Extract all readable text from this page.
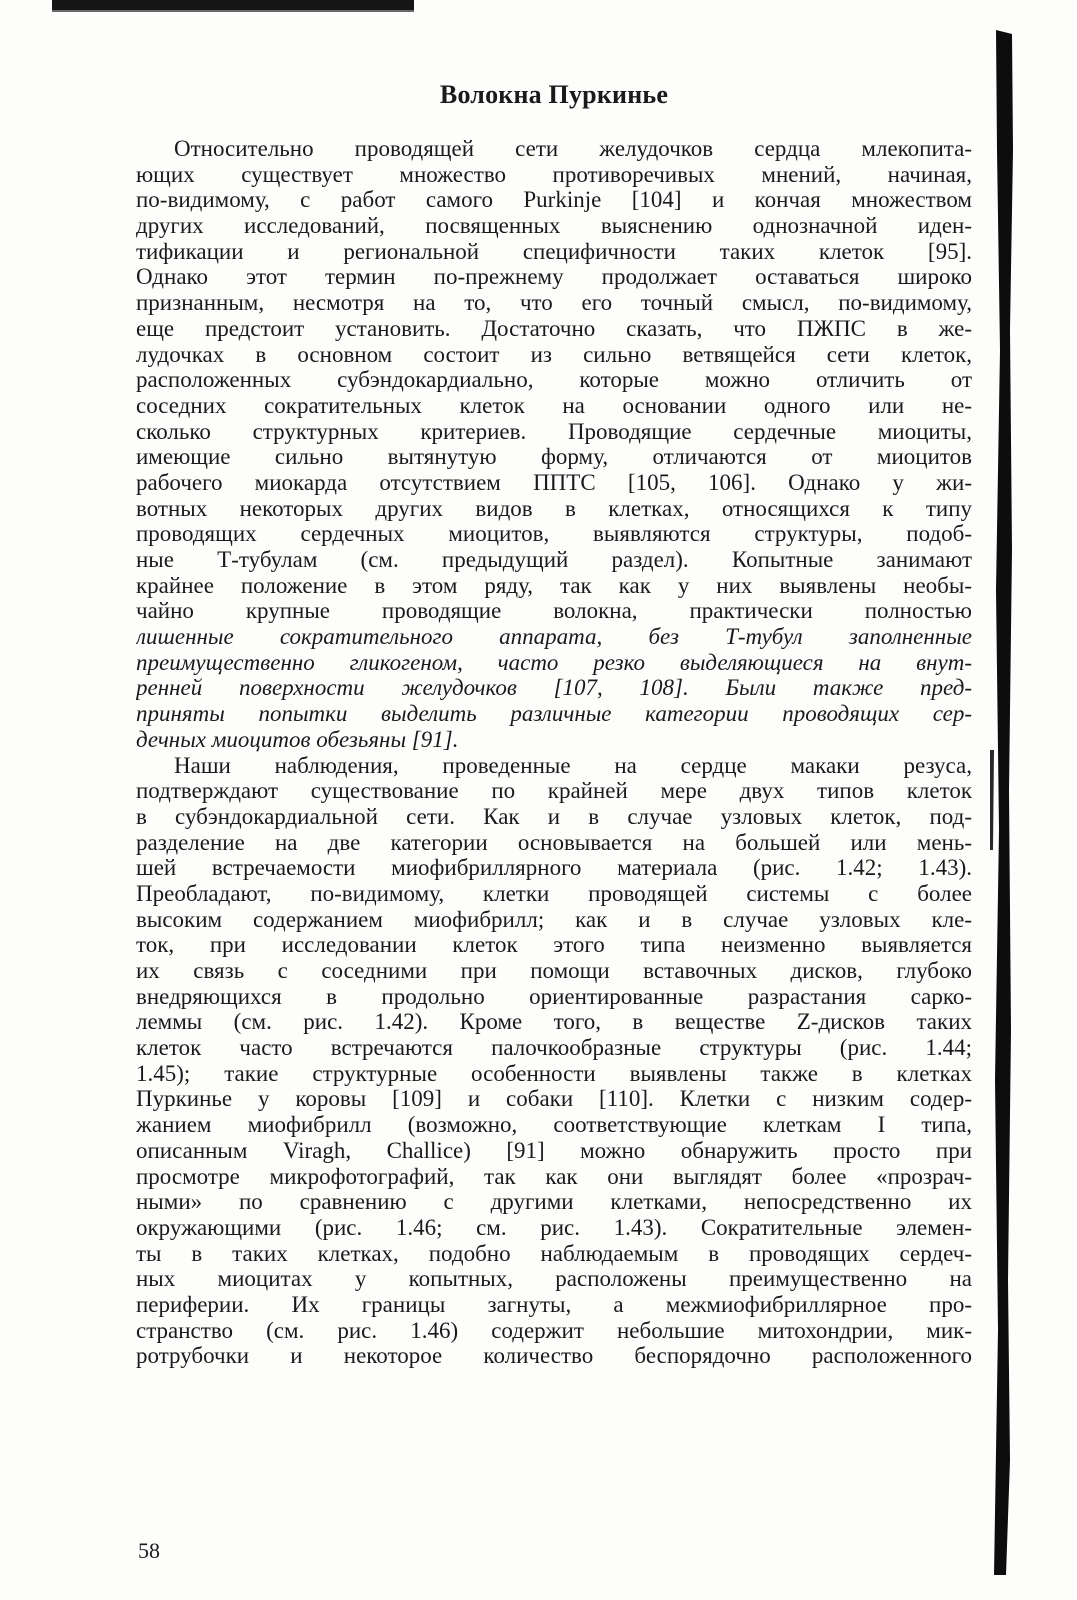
Волокна Пуркинье
Относительно проводящей сети желудочков сердца млекопита-
ющих существует множество противоречивых мнений, начиная,
по-видимому, с работ самого Purkinje [104] и кончая множеством
других исследований, посвященных выяснению однозначной иден-
тификации и региональной специфичности таких клеток [95].
Однако этот термин по-прежнему продолжает оставаться широко
признанным, несмотря на то, что его точный смысл, по-видимому,
еще предстоит установить. Достаточно сказать, что ПЖПС в же-
лудочках в основном состоит из сильно ветвящейся сети клеток,
расположенных субэндокардиально, которые можно отличить от
соседних сократительных клеток на основании одного или не-
сколько структурных критериев. Проводящие сердечные миоциты,
имеющие сильно вытянутую форму, отличаются от миоцитов
рабочего миокарда отсутствием ППТС [105, 106]. Однако у жи-
вотных некоторых других видов в клетках, относящихся к типу
проводящих сердечных миоцитов, выявляются структуры, подоб-
ные Т-тубулам (см. предыдущий раздел). Копытные занимают
крайнее положение в этом ряду, так как у них выявлены необы-
чайно крупные проводящие волокна, практически полностью
лишенные сократительного аппарата, без Т-тубул заполненные
преимущественно гликогеном, часто резко выделяющиеся на внут-
ренней поверхности желудочков [107, 108]. Были также пред-
приняты попытки выделить различные категории проводящих сер-
дечных миоцитов обезьяны [91].
Наши наблюдения, проведенные на сердце макаки резуса,
подтверждают существование по крайней мере двух типов клеток
в субэндокардиальной сети. Как и в случае узловых клеток, под-
разделение на две категории основывается на большей или мень-
шей встречаемости миофибриллярного материала (рис. 1.42; 1.43).
Преобладают, по-видимому, клетки проводящей системы с более
высоким содержанием миофибрилл; как и в случае узловых кле-
ток, при исследовании клеток этого типа неизменно выявляется
их связь с соседними при помощи вставочных дисков, глубоко
внедряющихся в продольно ориентированные разрастания сарко-
леммы (см. рис. 1.42). Кроме того, в веществе Z-дисков таких
клеток часто встречаются палочкообразные структуры (рис. 1.44;
1.45); такие структурные особенности выявлены также в клетках
Пуркинье у коровы [109] и собаки [110]. Клетки с низким содер-
жанием миофибрилл (возможно, соответствующие клеткам I типа,
описанным Viragh, Challice) [91] можно обнаружить просто при
просмотре микрофотографий, так как они выглядят более «прозрач-
ными» по сравнению с другими клетками, непосредственно их
окружающими (рис. 1.46; см. рис. 1.43). Сократительные элемен-
ты в таких клетках, подобно наблюдаемым в проводящих сердеч-
ных миоцитах у копытных, расположены преимущественно на
периферии. Их границы загнуты, а межмиофибриллярное про-
странство (см. рис. 1.46) содержит небольшие митохондрии, мик-
ротрубочки и некоторое количество беспорядочно расположенного
58
